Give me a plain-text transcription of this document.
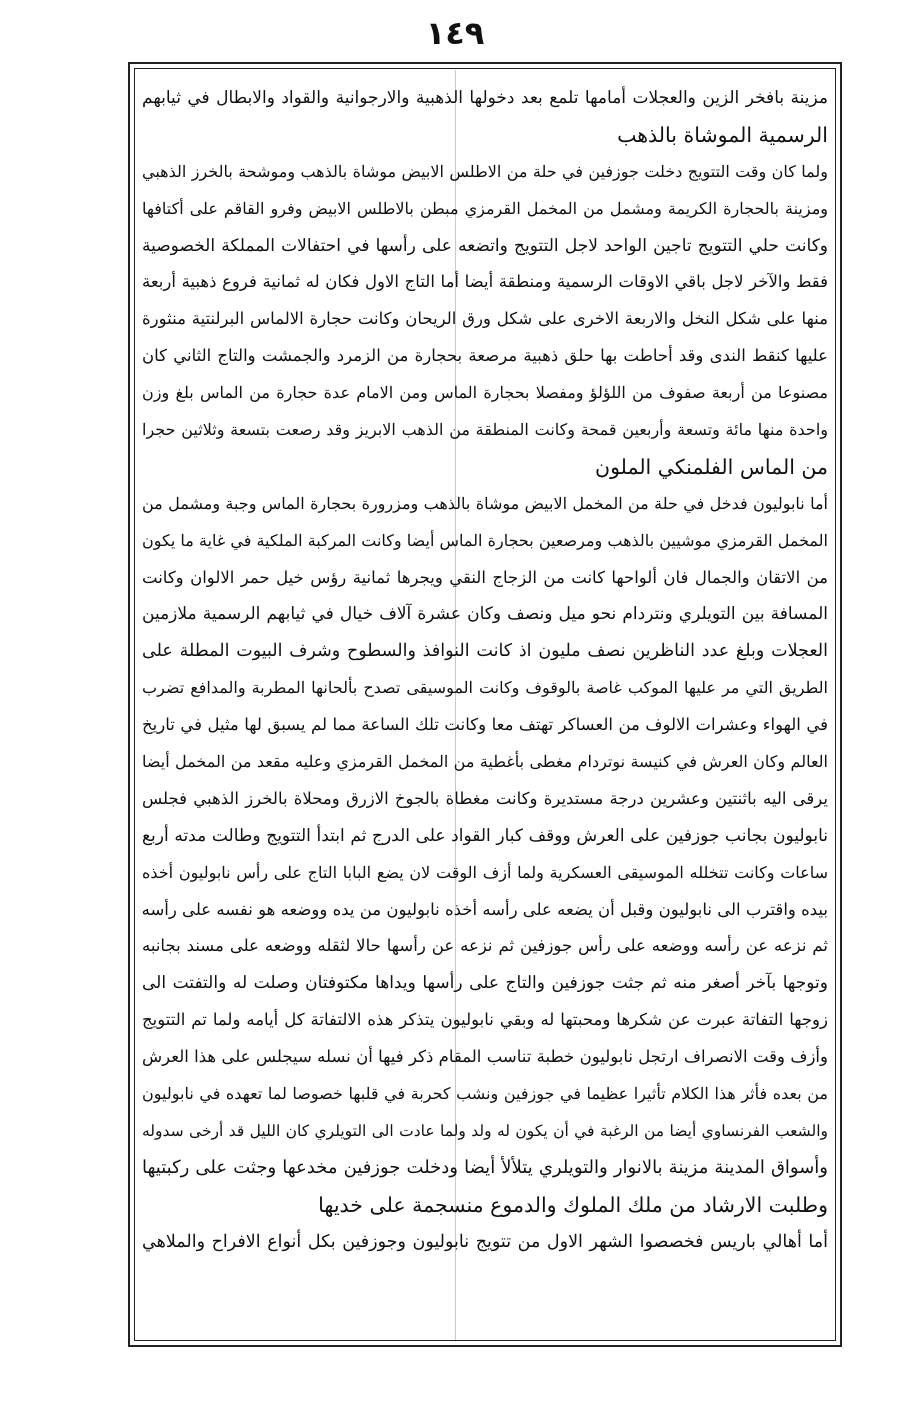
١٤٩
مزينة بافخر الزين والعجلات أمامها تلمع بعد دخولها الذهبية والارجوانية والقواد والابطال في ثيابهم
الرسمية الموشاة بالذهب
ولما كان وقت التتويج دخلت جوزفين في حلة من الاطلس الابيض موشاة بالذهب وموشحة بالخرز الذهبي
ومزينة بالحجارة الكريمة ومشمل من المخمل القرمزي مبطن بالاطلس الابيض وفرو القاقم على أكتافها
وكانت حلي التتويج تاجين الواحد لاجل التتويج واتضعه على رأسها في احتفالات المملكة الخصوصية
فقط والآخر لاجل باقي الاوقات الرسمية ومنطقة أيضا أما التاج الاول فكان له ثمانية فروع ذهبية أربعة
منها على شكل النخل والاربعة الاخرى على شكل ورق الريحان وكانت حجارة الالماس البرلنتية منثورة
عليها كنقط الندى وقد أحاطت بها حلق ذهبية مرصعة بحجارة من الزمرد والجمشت والتاج الثاني كان
مصنوعا من أربعة صفوف من اللؤلؤ ومفصلا بحجارة الماس ومن الامام عدة حجارة من الماس بلغ وزن
واحدة منها مائة وتسعة وأربعين قمحة وكانت المنطقة من الذهب الابريز وقد رصعت بتسعة وثلاثين حجرا
من الماس الفلمنكي الملون
أما نابوليون فدخل في حلة من المخمل الابيض موشاة بالذهب ومزرورة بحجارة الماس وجبة ومشمل من
المخمل القرمزي موشيين بالذهب ومرصعين بحجارة الماس أيضا وكانت المركبة الملكية في غاية ما يكون
من الاتقان والجمال فان ألواحها كانت من الزجاج النقي ويجرها ثمانية رؤس خيل حمر الالوان وكانت
المسافة بين التويلري ونتردام نحو ميل ونصف وكان عشرة آلاف خيال في ثيابهم الرسمية ملازمين
العجلات وبلغ عدد الناظرين نصف مليون اذ كانت النوافذ والسطوح وشرف البيوت المطلة على
الطريق التي مر عليها الموكب غاصة بالوقوف وكانت الموسيقى تصدح بألحانها المطربة والمدافع تضرب
في الهواء وعشرات الالوف من العساكر تهتف معا وكانت تلك الساعة مما لم يسبق لها مثيل في تاريخ
العالم وكان العرش في كنيسة نوتردام مغطى بأغطية من المخمل القرمزي وعليه مقعد من المخمل أيضا
يرقى اليه باثنتين وعشرين درجة مستديرة وكانت مغطاة بالجوخ الازرق ومحلاة بالخرز الذهبي فجلس
نابوليون بجانب جوزفين على العرش ووقف كبار القواد على الدرج ثم ابتدأ التتويج وطالت مدته أربع
ساعات وكانت تتخلله الموسيقى العسكرية ولما أزف الوقت لان يضع البابا التاج على رأس نابوليون أخذه
بيده واقترب الى نابوليون وقبل أن يضعه على رأسه أخذه نابوليون من يده ووضعه هو نفسه على رأسه
ثم نزعه عن رأسه ووضعه على رأس جوزفين ثم نزعه عن رأسها حالا لثقله ووضعه على مسند بجانبه
وتوجها بآخر أصغر منه ثم جثت جوزفين والتاج على رأسها ويداها مكتوفتان وصلت له والتفتت الى
زوجها التفاتة عبرت عن شكرها ومحبتها له وبقي نابوليون يتذكر هذه الالتفاتة كل أيامه ولما تم التتويج
وأزف وقت الانصراف ارتجل نابوليون خطبة تناسب المقام ذكر فيها أن نسله سيجلس على هذا العرش
من بعده فأثر هذا الكلام تأثيرا عظيما في جوزفين ونشب كحربة في قلبها خصوصا لما تعهده في نابوليون
والشعب الفرنساوي أيضا من الرغبة في أن يكون له ولد ولما عادت الى التويلري كان الليل قد أرخى سدوله
وأسواق المدينة مزينة بالانوار والتويلري يتلألأ أيضا ودخلت جوزفين مخدعها وجثت على ركبتيها
وطلبت الارشاد من ملك الملوك والدموع منسجمة على خديها
أما أهالي باريس فخصصوا الشهر الاول من تتويج نابوليون وجوزفين بكل أنواع الافراح والملاهي
